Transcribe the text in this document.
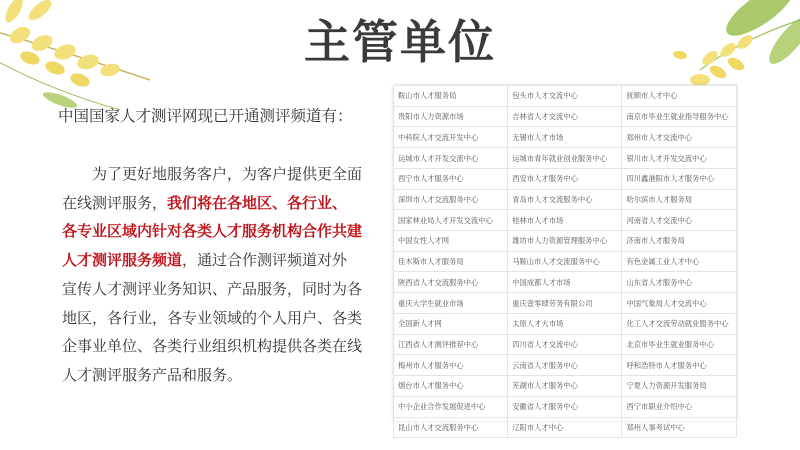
主管单位
中国国家人才测评网现已开通测评频道有：
为了更好地服务客户，为客户提供更全面在线测评服务，我们将在各地区、各行业、各专业区域内针对各类人才服务机构合作共建人才测评服务频道，通过合作测评频道对外宣传人才测评业务知识、产品服务，同时为各地区，各行业，各专业领域的个人用户、各类企事业单位、各类行业组织机构提供各类在线人才测评服务产品和服务。
鞍山市人才服务局	包头市人才交流中心	抚顺市人才中心
贵阳市人力资源市场	吉林省人才交流中心	南京市毕业生就业指导服务中心
中科院人才交流开发中心	无锡市人才市场	郑州市人才交流中心
运城市人才开发交流中心	运城市青年就业创业服务中心	银川市人才开发交流中心
西宁市人才服务中心	西安市人才服务中心	四川鑫港阳市人才服务中心
深圳市人才交流服务中心	青岛市人才交流服务中心	哈尔滨市人才服务局
国家林业局人才开发交流中心	桂林市人才市场	河南省人才交流中心
中国女性人才网	潍坊市人力资源管理服务中心	济南市人才服务局
佳木斯市人才服务局	马鞍山市人才交流服务中心	有色金属工业人才中心
陕西省人才交流服务中心	中国成都人才市场	山东省人才服务中心
重庆大学生就业市场	重庆壹零肆劳务有限公司	中国气象局人才交流中心
全国新人才网	太原人才大市场	化工人才交流劳动就业服务中心
江西省人才测评推荐中心	四川省人才交流中心	北京市毕业生就业服务中心
梅州市人才服务中心	云南省人才服务中心	呼和浩特市人才服务中心
烟台市人才服务中心	芜湖市人才服务中心	宁夏人力资源开发服务局
中小企业合作发展促进中心	安徽省人才服务中心	西宁市职业介绍中心
昆山市人才交流服务中心	辽阳市人才中心	郑州人事考试中心
